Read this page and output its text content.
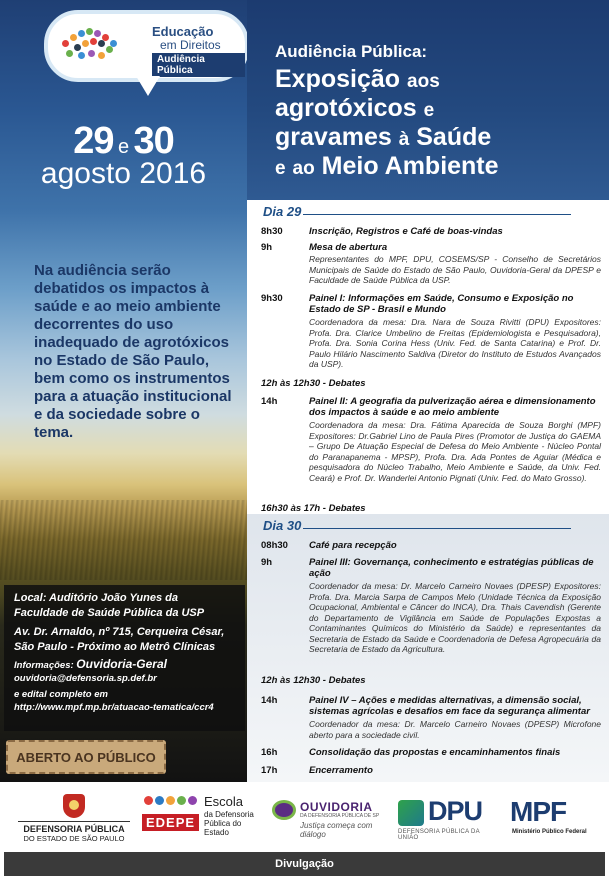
Educação
em Direitos
Audiência Pública
29 e 30
agosto 2016
Na audiência serão debatidos os impactos à saúde e ao meio ambiente decorrentes do uso inadequado de agrotóxicos no Estado de São Paulo, bem como os instrumentos para a atuação institucional e da sociedade sobre o tema.
Local: Auditório João Yunes da Faculdade de Saúde Pública da USP
Av. Dr. Arnaldo, nº 715, Cerqueira César, São Paulo - Próximo ao Metrô Clínicas
Informações: Ouvidoria-Geral
ouvidoria@defensoria.sp.def.br
e edital completo em
http://www.mpf.mp.br/atuacao-tematica/ccr4
ABERTO AO PÚBLICO
Audiência Pública:
Exposição aos
agrotóxicos e
gravames à Saúde
e ao Meio Ambiente
Dia 29
8h30	Inscrição, Registros e Café de boas-vindas
9h	Mesa de abertura
Representantes do MPF, DPU, COSEMS/SP - Conselho de Secretários Municipais de Saúde do Estado de São Paulo, Ouvidoria-Geral da DPESP e Faculdade de Saúde Pública da USP.
9h30	Painel I: Informações em Saúde, Consumo e Exposição no Estado de SP - Brasil e Mundo
Coordenadora da mesa: Dra. Nara de Souza Rivitti (DPU) Expositores: Profa. Dra. Clarice Umbelino de Freitas (Epidemiologista e Pesquisadora), Profa. Dra. Sonia Corina Hess (Univ. Fed. de Santa Catarina) e Prof. Dr. Paulo Hilário Nascimento Saldiva (Diretor do Instituto de Estudos Avançados da USP).
12h às 12h30 - Debates
14h	Painel II: A geografia da pulverização aérea e dimensionamento dos impactos à saúde e ao meio ambiente
Coordenadora da mesa: Dra. Fátima Aparecida de Souza Borghi (MPF) Expositores: Dr.Gabriel Lino de Paula Pires (Promotor de Justiça do GAEMA – Grupo De Atuação Especial de Defesa do Meio Ambiente - Núcleo Pontal do Paranapanema - MPSP), Profa. Dra. Ada Pontes de Aguiar (Médica e pesquisadora do Núcleo Trabalho, Meio Ambiente e Saúde, da Univ. Fed. Ceará) e Prof. Dr. Wanderlei Antonio Pignati (Univ. Fed. do Mato Grosso).
16h30 às 17h - Debates
Dia 30
08h30	Café para recepção
9h	Painel III: Governança, conhecimento e estratégias públicas de ação
Coordenador da mesa: Dr. Marcelo Carneiro Novaes (DPESP) Expositores: Profa. Dra. Marcia Sarpa de Campos Melo (Unidade Técnica da Exposição Ocupacional, Ambiental e Câncer do INCA), Dra. Thais Cavendish (Gerente do Departamento de Vigilância em Saúde de Populações Expostas a Contaminantes Químicos do Ministério da Saúde) e representantes da Secretaria de Estado da Saúde e Coordenadoria de Defesa Agropecuária da Secretaria de Estado da Agricultura.
12h às 12h30 - Debates
14h	Painel IV – Ações e medidas alternativas, a dimensão social, sistemas agrícolas e desafios em face da segurança alimentar
Coordenador da mesa: Dr. Marcelo Carneiro Novaes (DPESP) Microfone aberto para a sociedade civil.
16h	Consolidação das propostas e encaminhamentos finais
17h	Encerramento
DEFENSORIA PÚBLICA
DO ESTADO DE SÃO PAULO
EDEPE
Escola
da Defensoria Pública do Estado
OUVIDORIA
DA DEFENSORIA PÚBLICA DE SP
Justiça começa com diálogo
DPU
DEFENSORIA PÚBLICA DA UNIÃO
MPF
Ministério Público Federal
Divulgação
